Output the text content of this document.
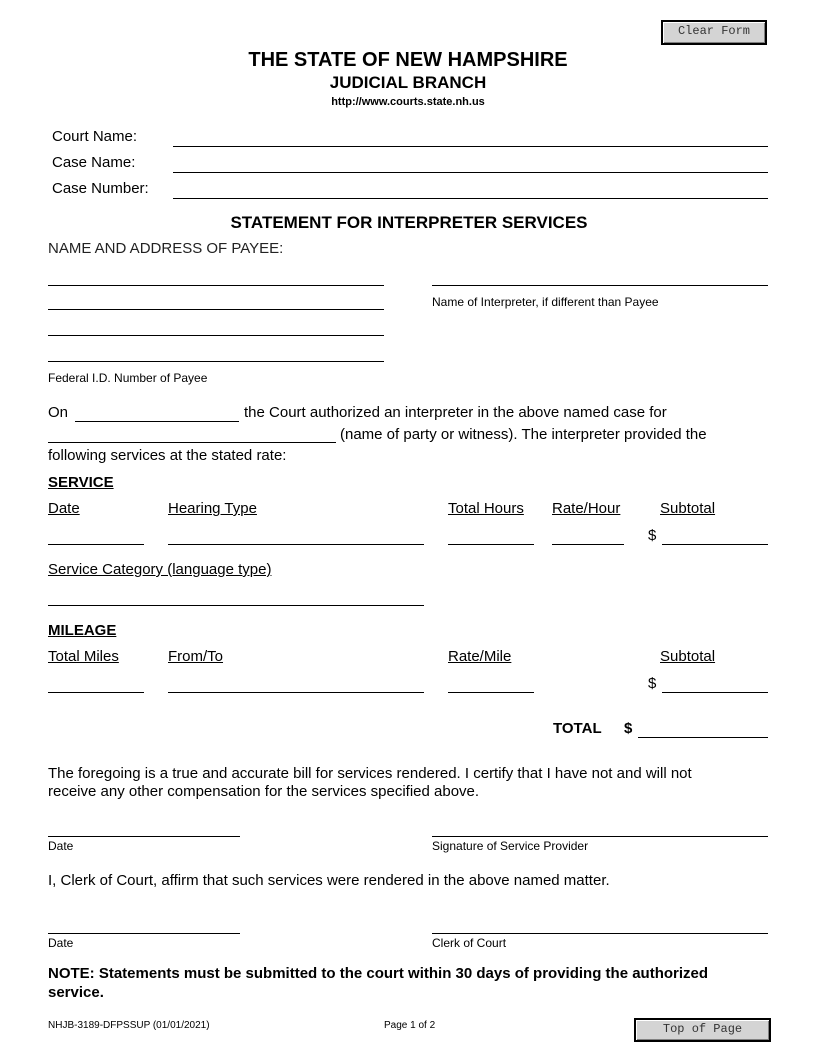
Clear Form
Top of Page
THE STATE OF NEW HAMPSHIRE
JUDICIAL BRANCH
http://www.courts.state.nh.us
Court Name:
Case Name:
Case Number:
STATEMENT FOR INTERPRETER SERVICES
NAME AND ADDRESS OF PAYEE:
Federal I.D. Number of Payee
Name of Interpreter, if different than Payee
On	the Court authorized an interpreter in the above named case for
(name of party or witness). The interpreter provided the
following services at the stated rate:
SERVICE
Date	Hearing Type	Total Hours Rate/Hour	Subtotal
$
Service Category (language type)
MILEAGE
Total Miles	From/To	Rate/Mile	Subtotal
$
TOTAL $
The foregoing is a true and accurate bill for services rendered. I certify that I have not and will not
receive any other compensation for the services specified above.
Date	Signature of Service Provider
I, Clerk of Court, affirm that such services were rendered in the above named matter.
Date	Clerk of Court
NOTE: Statements must be submitted to the court within 30 days of providing the authorized
service.
NHJB-3189-DFPSSUP (01/01/2021)	Page 1 of 2
